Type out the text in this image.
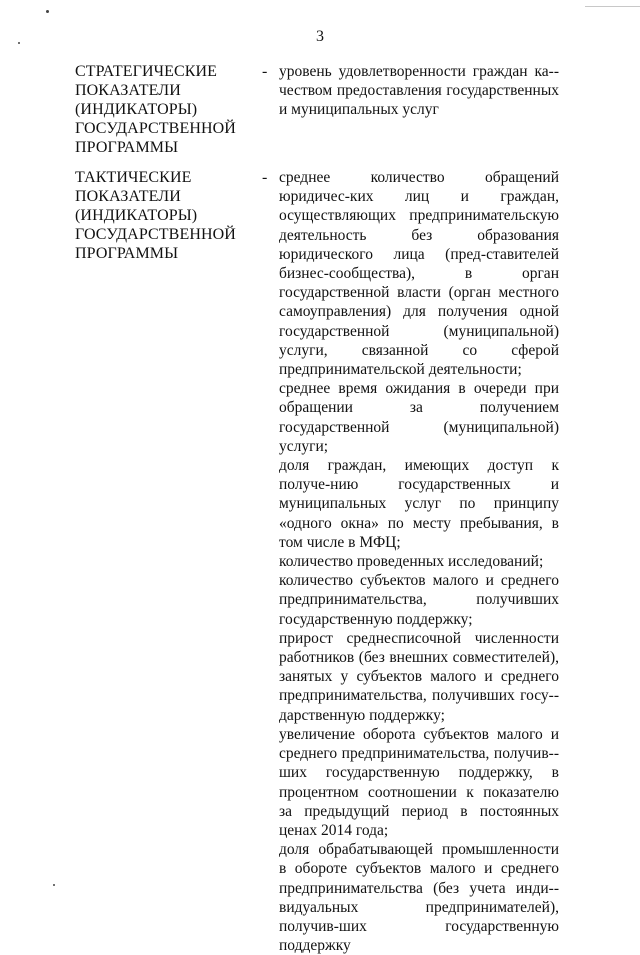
3
СТРАТЕГИЧЕСКИЕ
ПОКАЗАТЕЛИ
(ИНДИКАТОРЫ)
ГОСУДАРСТВЕННОЙ
ПРОГРАММЫ
- уровень удовлетворенности граждан ка-чеством предоставления государственных и муниципальных услуг

ТАКТИЧЕСКИЕ
ПОКАЗАТЕЛИ
(ИНДИКАТОРЫ)
ГОСУДАРСТВЕННОЙ
ПРОГРАММЫ
- среднее количество обращений юридичес-ких лиц и граждан, осуществляющих предпринимательскую деятельность без образования юридического лица (пред-ставителей бизнес-сообщества), в орган государственной власти (орган местного самоуправления) для получения одной государственной (муниципальной) услуги, связанной со сферой предпринимательской деятельности;

среднее время ожидания в очереди при обращении за получением государственной (муниципальной) услуги;

доля граждан, имеющих доступ к получе-нию государственных и муниципальных услуг по принципу «одного окна» по месту пребывания, в том числе в МФЦ;

количество проведенных исследований;

количество субъектов малого и среднего предпринимательства, получивших государственную поддержку;

прирост среднесписочной численности работников (без внешних совместителей), занятых у субъектов малого и среднего предпринимательства, получивших госу-дарственную поддержку;

увеличение оборота субъектов малого и среднего предпринимательства, получив-ших государственную поддержку, в процентном соотношении к показателю за предыдущий период в постоянных ценах 2014 года;

доля обрабатывающей промышленности в обороте субъектов малого и среднего предпринимательства (без учета инди-видуальных предпринимателей), получив-ших государственную поддержку
